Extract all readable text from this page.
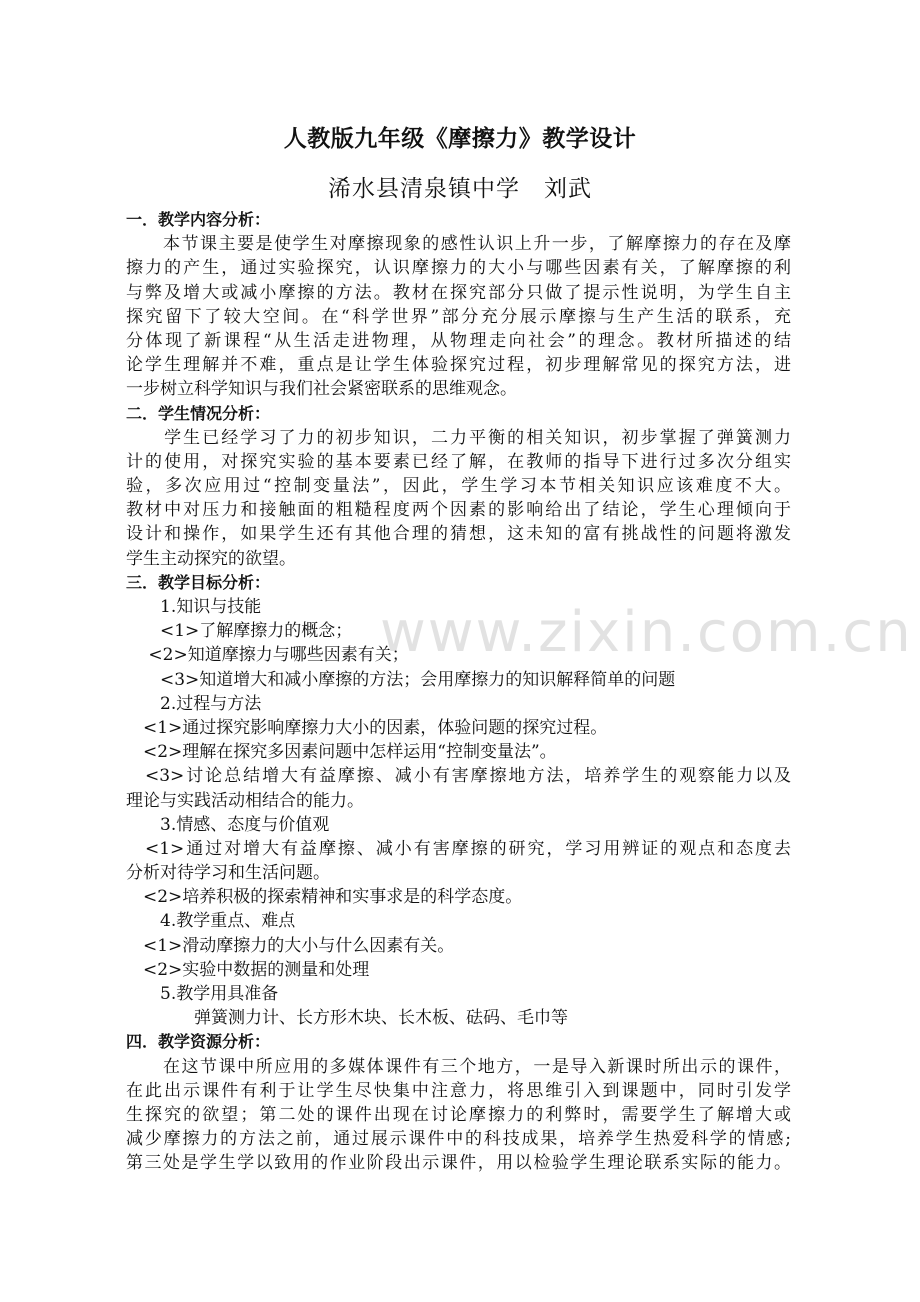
www.zixin.com.cn
人教版九年级《摩擦力》教学设计
浠水县清泉镇中学　刘武
一．教学内容分析：
　　本节课主要是使学生对摩擦现象的感性认识上升一步，了解摩擦力的存在及摩
擦力的产生，通过实验探究，认识摩擦力的大小与哪些因素有关，了解摩擦的利
与弊及增大或减小摩擦的方法。教材在探究部分只做了提示性说明，为学生自主
探究留下了较大空间。在“科学世界”部分充分展示摩擦与生产生活的联系，充
分体现了新课程“从生活走进物理，从物理走向社会”的理念。教材所描述的结
论学生理解并不难，重点是让学生体验探究过程，初步理解常见的探究方法，进
一步树立科学知识与我们社会紧密联系的思维观念。
二．学生情况分析：
　　学生已经学习了力的初步知识，二力平衡的相关知识，初步掌握了弹簧测力
计的使用，对探究实验的基本要素已经了解，在教师的指导下进行过多次分组实
验，多次应用过“控制变量法”，因此，学生学习本节相关知识应该难度不大。
教材中对压力和接触面的粗糙程度两个因素的影响给出了结论，学生心理倾向于
设计和操作，如果学生还有其他合理的猜想，这未知的富有挑战性的问题将激发
学生主动探究的欲望。
三．教学目标分析：
　　1.知识与技能
　　<1>了解摩擦力的概念；
　 <2>知道摩擦力与哪些因素有关；
　　<3>知道增大和减小摩擦的方法；会用摩擦力的知识解释简单的问题
　　2.过程与方法
　<1>通过探究影响摩擦力大小的因素，体验问题的探究过程。
　<2>理解在探究多因素问题中怎样运用“控制变量法”。
　<3>讨论总结增大有益摩擦、减小有害摩擦地方法，培养学生的观察能力以及
理论与实践活动相结合的能力。
　　3.情感、态度与价值观
　<1>通过对增大有益摩擦、减小有害摩擦的研究，学习用辨证的观点和态度去
分析对待学习和生活问题。
　<2>培养积极的探索精神和实事求是的科学态度。
　　4.教学重点、难点
　<1>滑动摩擦力的大小与什么因素有关。
　<2>实验中数据的测量和处理
　　5.教学用具准备
　　　　弹簧测力计、长方形木块、长木板、砝码、毛巾等
四．教学资源分析：
　　在这节课中所应用的多媒体课件有三个地方，一是导入新课时所出示的课件，
在此出示课件有利于让学生尽快集中注意力，将思维引入到课题中，同时引发学
生探究的欲望；第二处的课件出现在讨论摩擦力的利弊时，需要学生了解增大或
减少摩擦力的方法之前，通过展示课件中的科技成果，培养学生热爱科学的情感;
第三处是学生学以致用的作业阶段出示课件，用以检验学生理论联系实际的能力。
